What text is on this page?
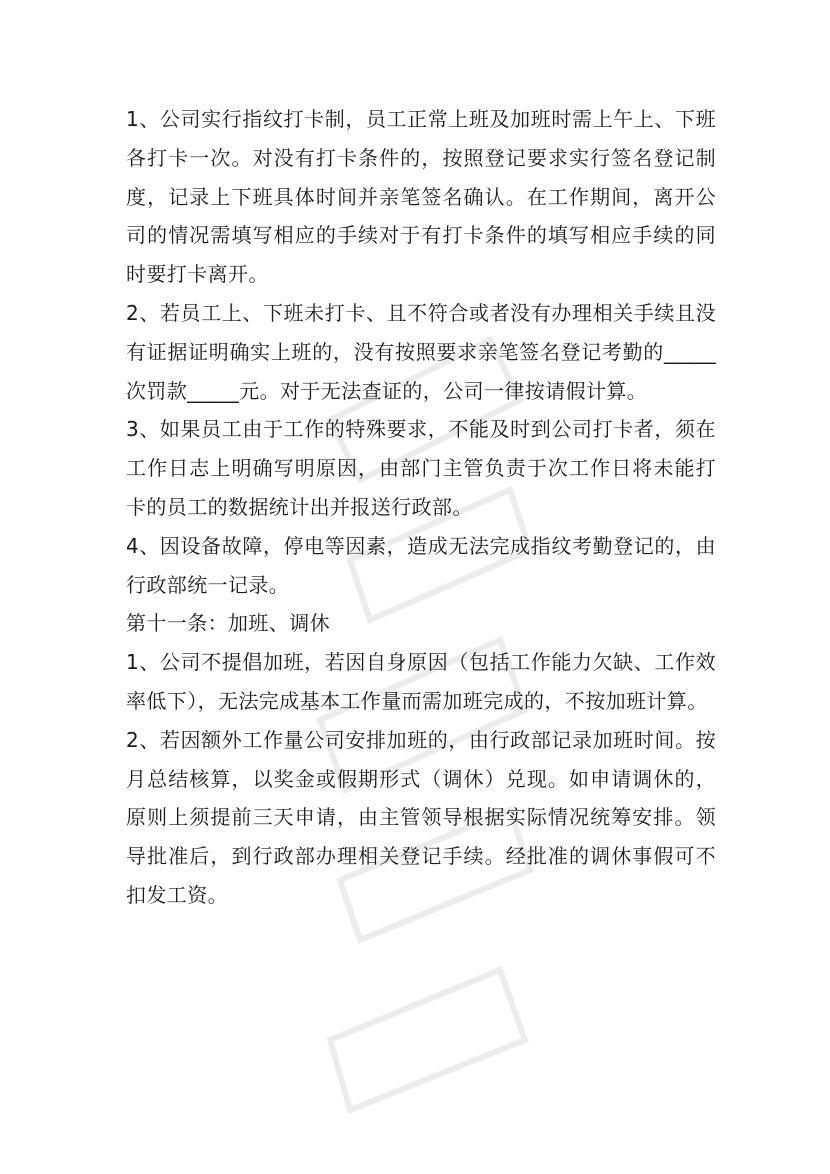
1、公司实行指纹打卡制，员工正常上班及加班时需上午上、下班各打卡一次。对没有打卡条件的，按照登记要求实行签名登记制度，记录上下班具体时间并亲笔签名确认。在工作期间，离开公司的情况需填写相应的手续对于有打卡条件的填写相应手续的同时要打卡离开。

2、若员工上、下班未打卡、且不符合或者没有办理相关手续且没有证据证明确实上班的，没有按照要求亲笔签名登记考勤的_____次罚款_____元。对于无法查证的，公司一律按请假计算。

3、如果员工由于工作的特殊要求，不能及时到公司打卡者，须在工作日志上明确写明原因，由部门主管负责于次工作日将未能打卡的员工的数据统计出并报送行政部。

4、因设备故障，停电等因素，造成无法完成指纹考勤登记的，由行政部统一记录。

第十一条：加班、调休

1、公司不提倡加班，若因自身原因（包括工作能力欠缺、工作效率低下），无法完成基本工作量而需加班完成的，不按加班计算。

2、若因额外工作量公司安排加班的，由行政部记录加班时间。按月总结核算，以奖金或假期形式（调休）兑现。如申请调休的，原则上须提前三天申请，由主管领导根据实际情况统筹安排。领导批准后，到行政部办理相关登记手续。经批准的调休事假可不扣发工资。
